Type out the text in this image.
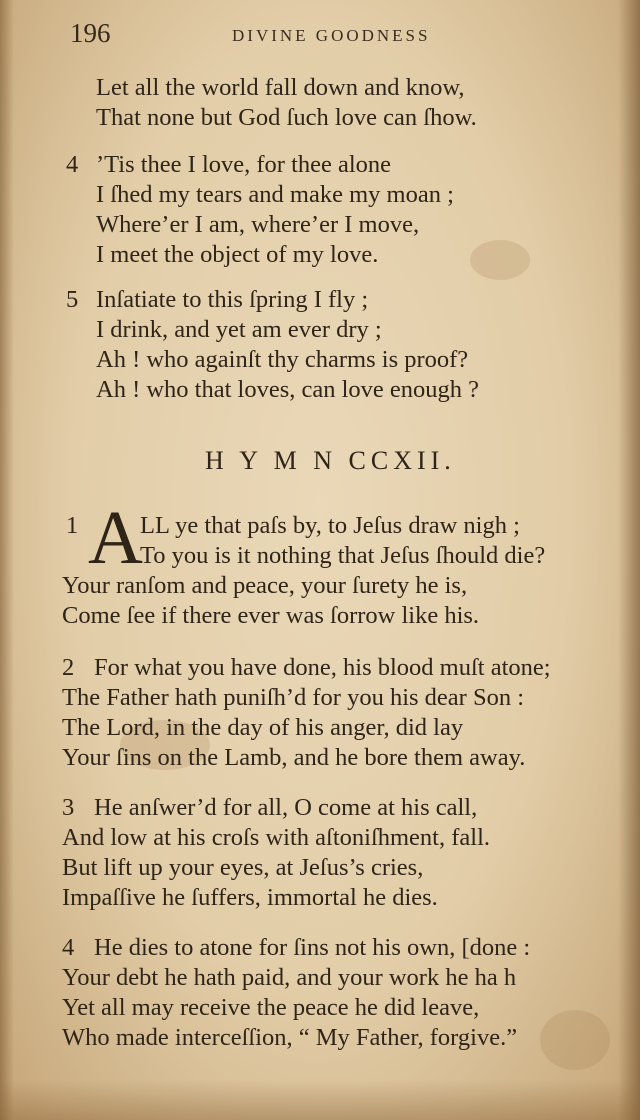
196	DIVINE GOODNESS
Let all the world fall down and know,
That none but God ſuch love can ſhow.
4 ’Tis thee I love, for thee alone
I ſhed my tears and make my moan ;
Where’er I am, where’er I move,
I meet the object of my love.
5 Inſatiate to this ſpring I fly ;
I drink, and yet am ever dry ;
Ah ! who againſt thy charms is proof?
Ah ! who that loves, can love enough ?
H Y M N CCXII.
1 A
LL ye that paſs by, to Jeſus draw nigh ;
To you is it nothing that Jeſus ſhould die?
Your ranſom and peace, your ſurety he is,
Come ſee if there ever was ſorrow like his.
2 For what you have done, his blood muſt atone;
The Father hath puniſh’d for you his dear Son :
The Lord, in the day of his anger, did lay
Your ſins on the Lamb, and he bore them away.
3 He anſwer’d for all, O come at his call,
And low at his croſs with aſtoniſhment, fall.
But lift up your eyes, at Jeſus’s cries,
Impaſſive he ſuffers, immortal he dies.
4 He dies to atone for ſins not his own, [done :
Your debt he hath paid, and your work he ha h
Yet all may receive the peace he did leave,
Who made interceſſion, “ My Father, forgive.”
